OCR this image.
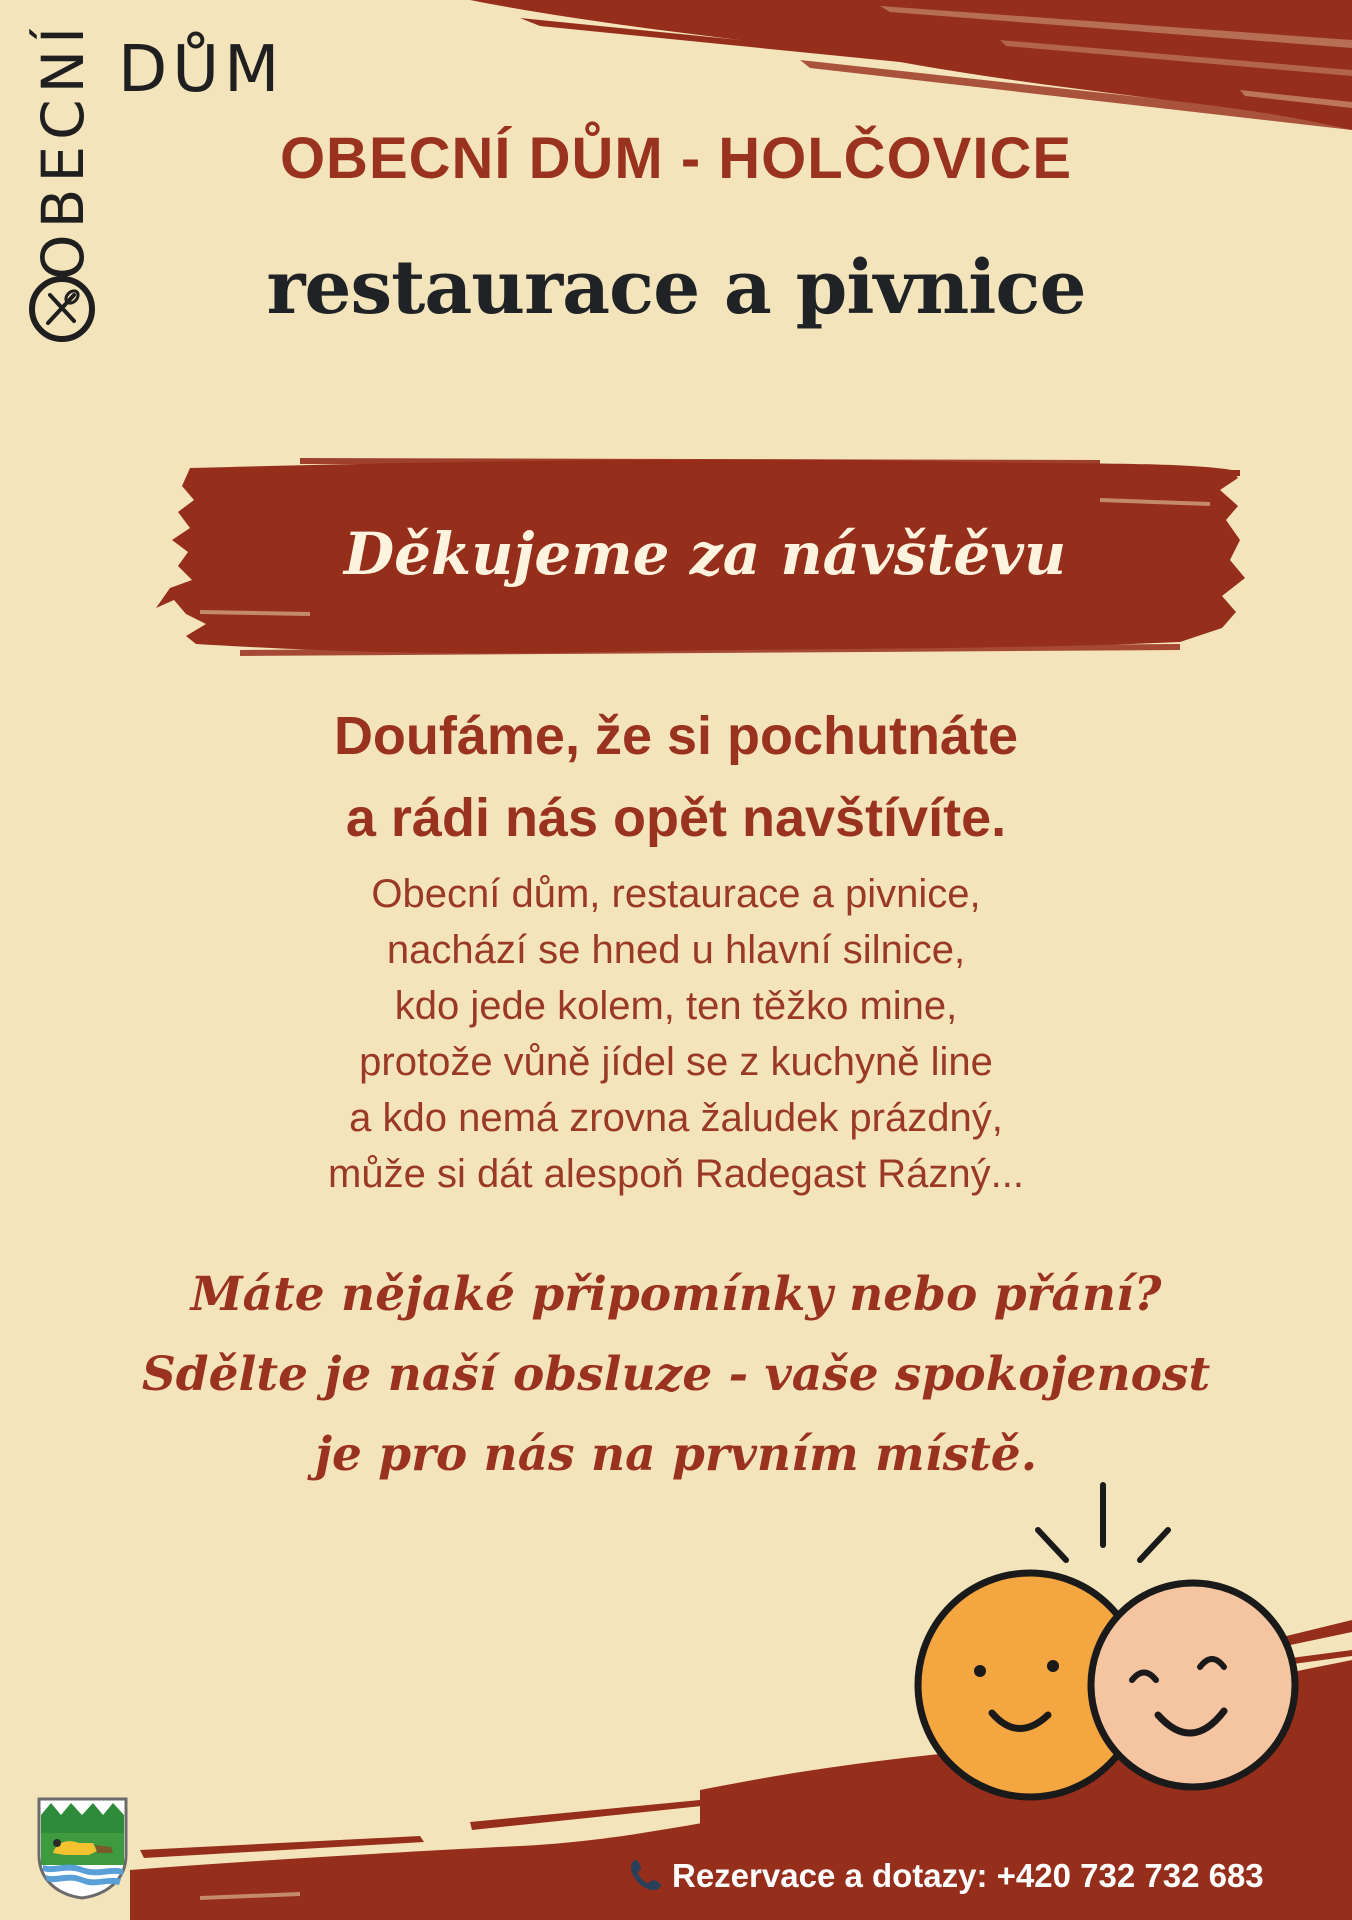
OBECNÍ DŮM
OBECNÍ DŮM - HOLČOVICE
restaurace a pivnice
Děkujeme za návštěvu
Doufáme, že si pochutnáte
a rádi nás opět navštívíte.
Obecní dům, restaurace a pivnice,
nachází se hned u hlavní silnice,
kdo jede kolem, ten těžko mine,
protože vůně jídel se z kuchyně line
a kdo nemá zrovna žaludek prázdný,
může si dát alespoň Radegast Rázný...
Máte nějaké připomínky nebo přání?
Sdělte je naší obsluze - vaše spokojenost
je pro nás na prvním místě.
Rezervace a dotazy: +420 732 732 683
